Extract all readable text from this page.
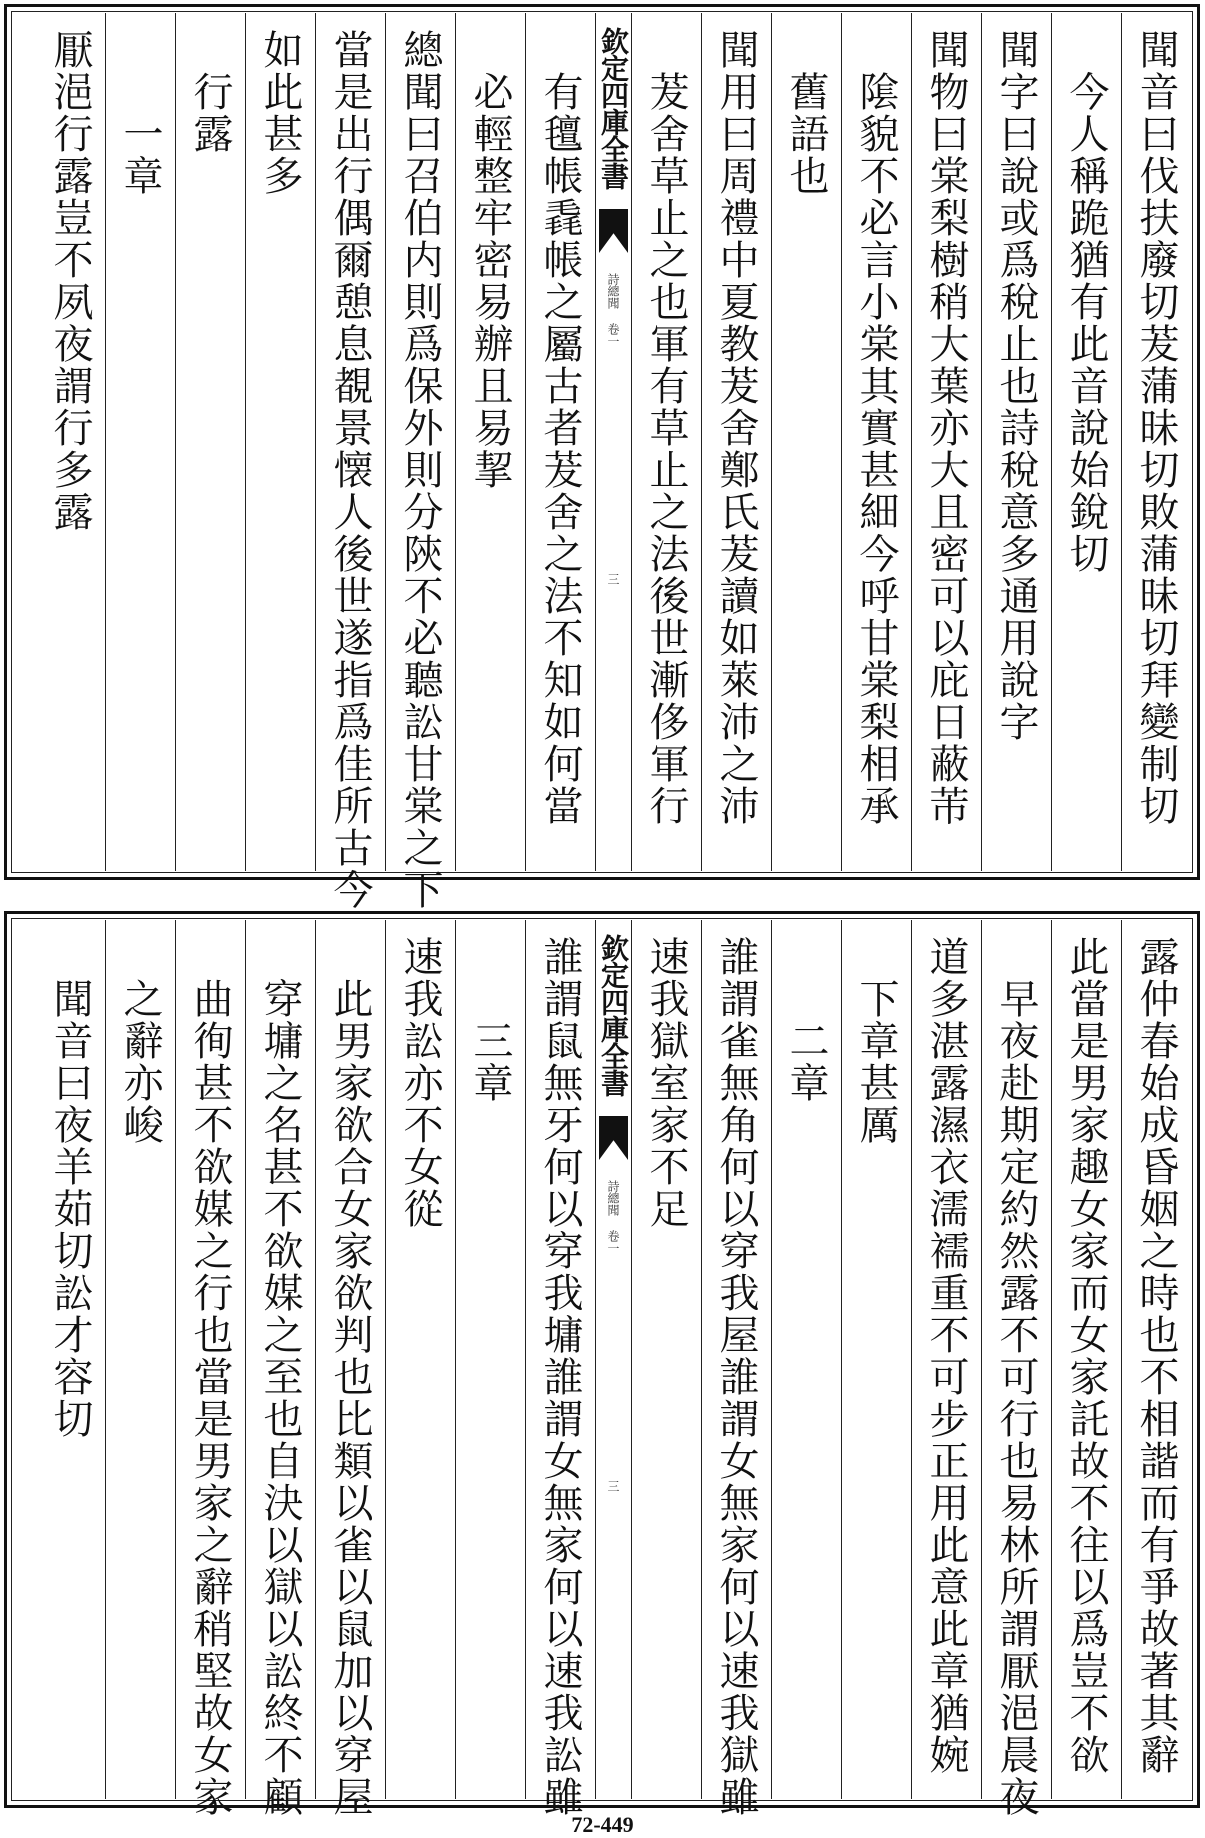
聞音曰伐扶廢切茇蒲昧切敗蒲昧切拜變制切
今人稱跪猶有此音說始銳切
聞字曰說或爲稅止也詩稅意多通用說字
聞物曰棠梨樹稍大葉亦大且密可以庇日蔽芾
隂貌不必言小棠其實甚細今呼甘棠梨相承
舊語也
聞用曰周禮中夏教茇舍鄭氏茇讀如萊沛之沛
茇舍草止之也軍有草止之法後世漸侈軍行
欽定四庫全書
詩總聞
卷一
三
有氊帳毳帳之屬古者茇舍之法不知如何當
必輕整牢密易辦且易挈
總聞曰召伯内則爲保外則分陝不必聽訟甘棠之下
當是出行偶爾憩息覩景懐人後世遂指爲佳所古今
如此甚多
行露
一章
厭浥行露豈不夙夜謂行多露
露仲春始成昏姻之時也不相諧而有爭故著其辭
此當是男家趣女家而女家託故不往以爲豈不欲
早夜赴期定約然露不可行也易林所謂厭浥晨夜
道多湛露濕衣濡襦重不可步正用此意此章猶婉
下章甚厲
二章
誰謂雀無角何以穿我屋誰謂女無家何以速我獄雖
速我獄室家不足
欽定四庫全書
詩總聞
卷一
三
誰謂鼠無牙何以穿我墉誰謂女無家何以速我訟雖
三章
速我訟亦不女從
此男家欲合女家欲判也比類以雀以鼠加以穿屋
穿墉之名甚不欲媒之至也自決以獄以訟終不顧
曲徇甚不欲媒之行也當是男家之辭稍堅故女家
之辭亦峻
聞音曰夜羊茹切訟才容切
72-449
